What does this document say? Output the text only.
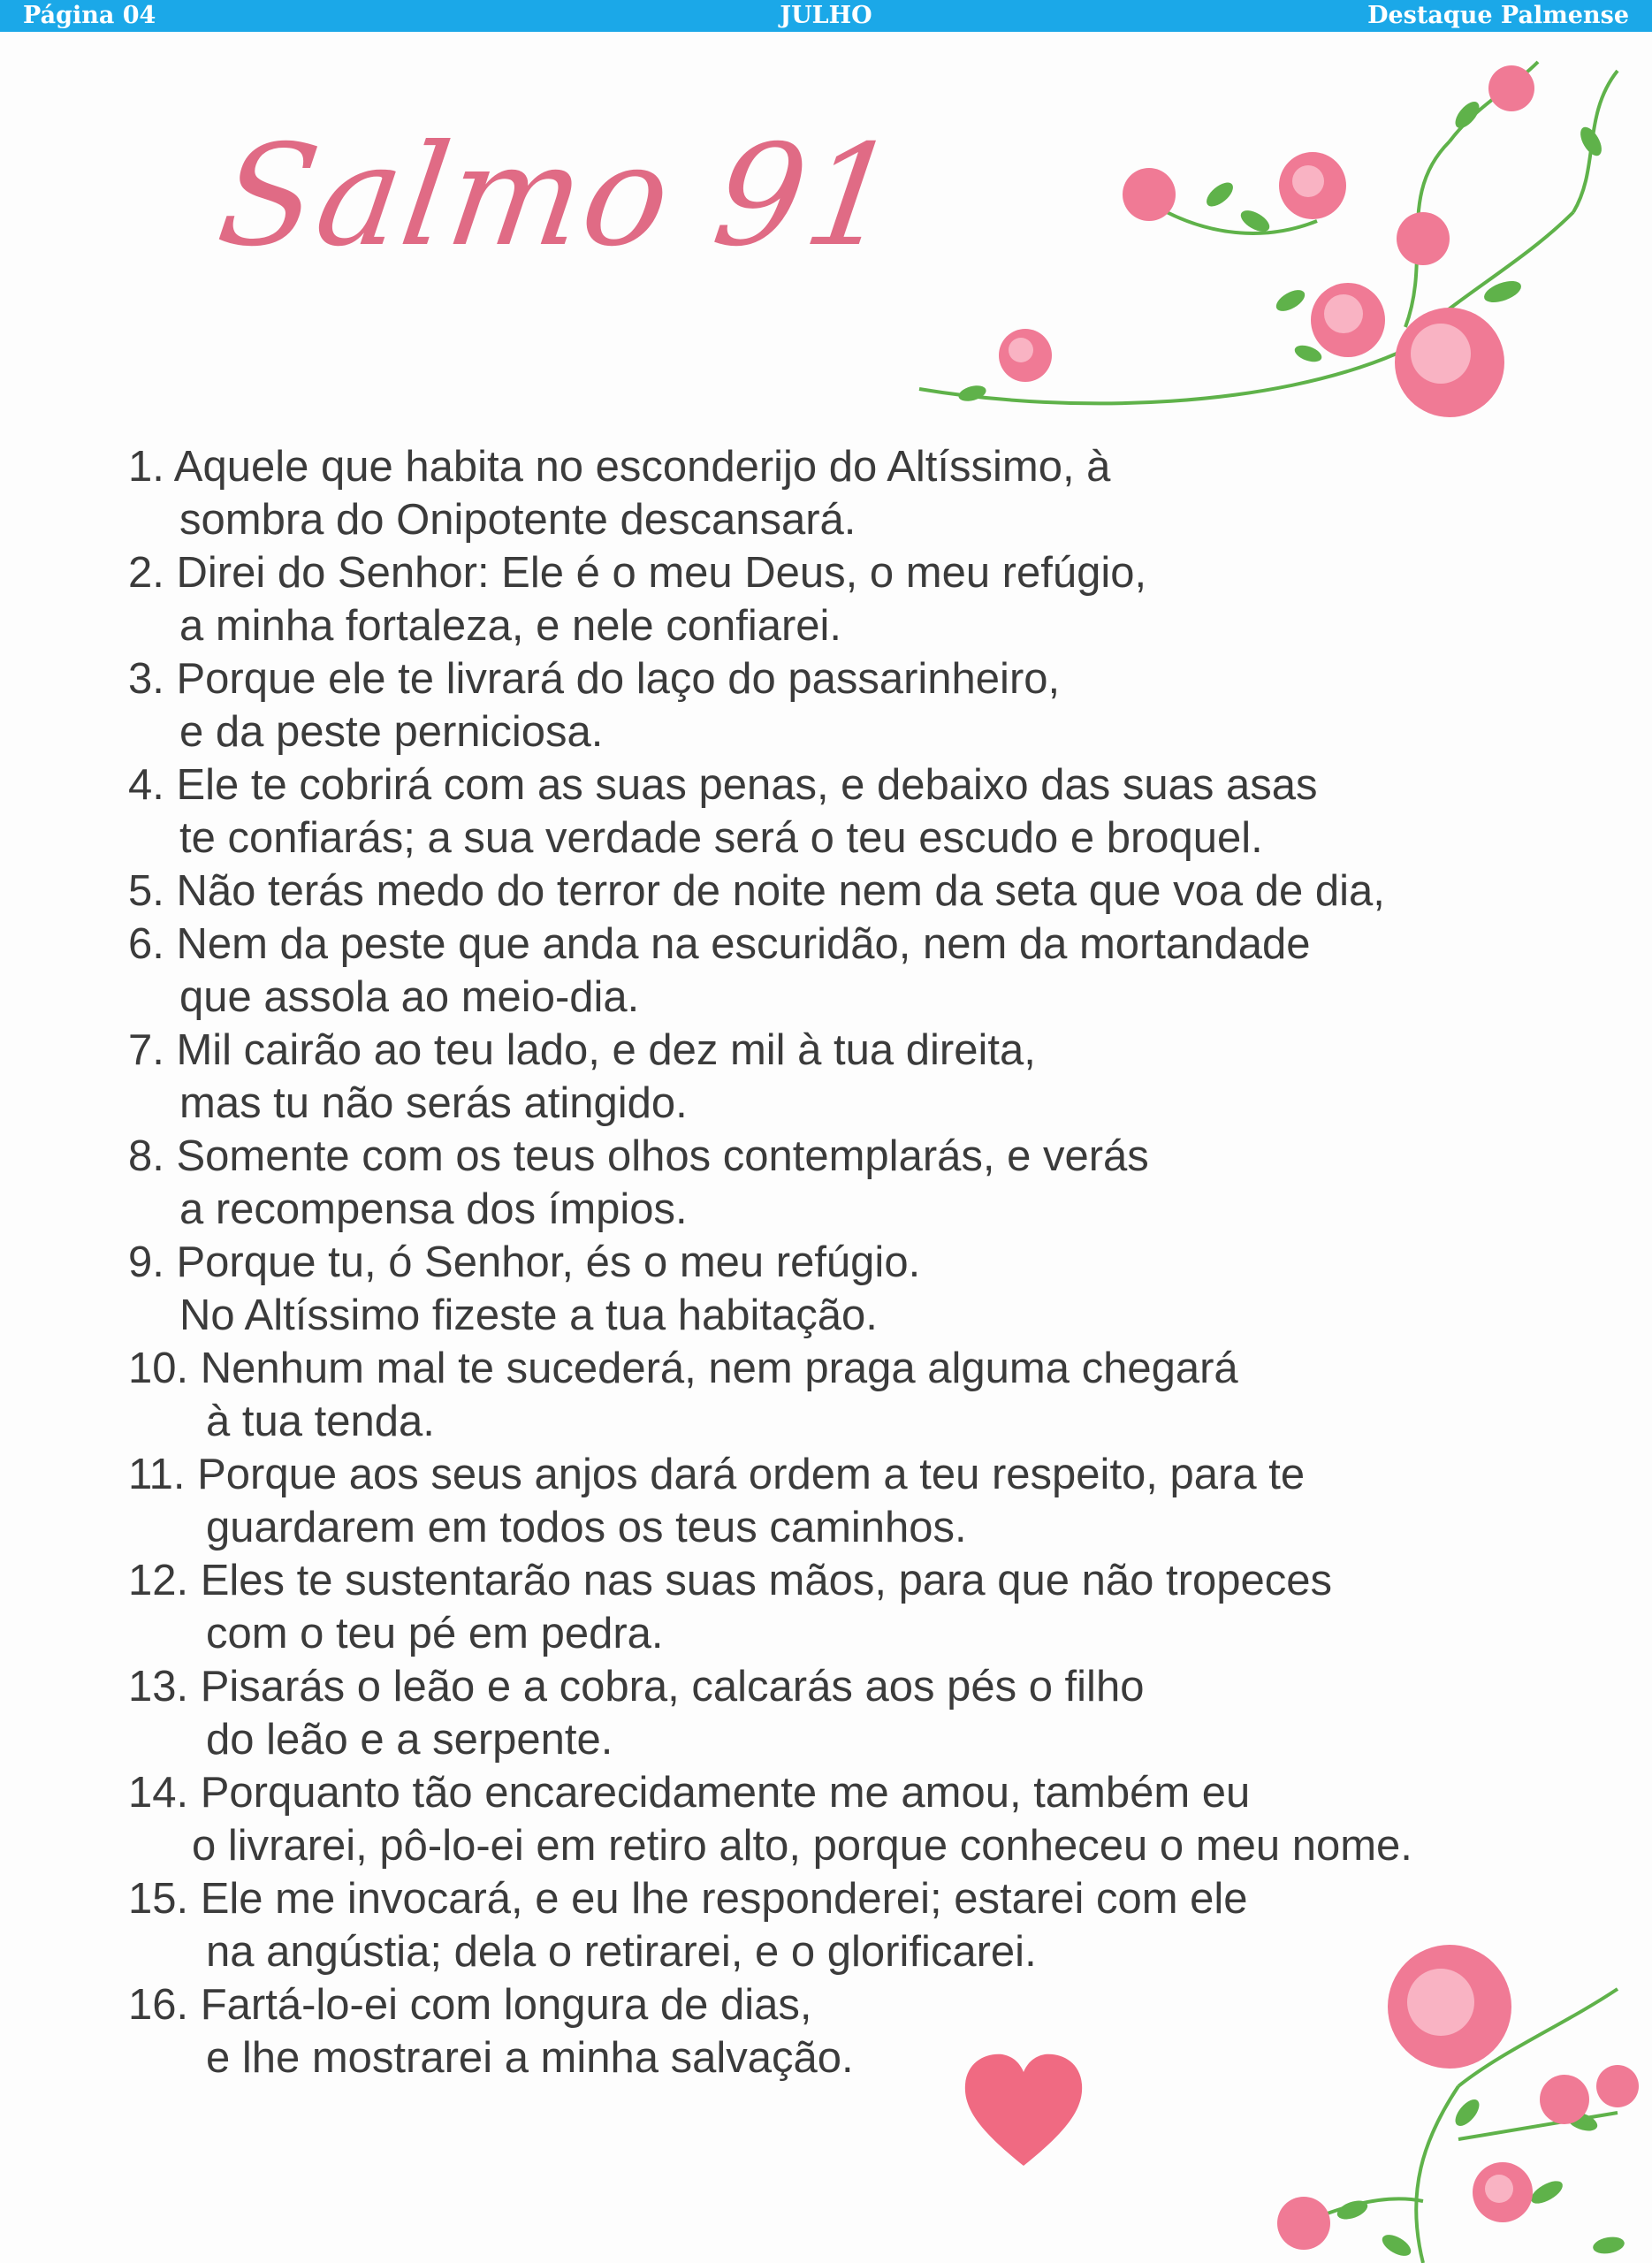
Página 04	JULHO	Destaque Palmense
Salmo 91
1. Aquele que habita no esconderijo do Altíssimo, à
sombra do Onipotente descansará.
2. Direi do Senhor: Ele é o meu Deus, o meu refúgio,
a minha fortaleza, e nele confiarei.
3. Porque ele te livrará do laço do passarinheiro,
e da peste perniciosa.
4. Ele te cobrirá com as suas penas, e debaixo das suas asas
te confiarás; a sua verdade será o teu escudo e broquel.
5. Não terás medo do terror de noite nem da seta que voa de dia,
6. Nem da peste que anda na escuridão, nem da mortandade
que assola ao meio-dia.
7. Mil cairão ao teu lado, e dez mil à tua direita,
mas tu não serás atingido.
8. Somente com os teus olhos contemplarás, e verás
a recompensa dos ímpios.
9. Porque tu, ó Senhor, és o meu refúgio.
No Altíssimo fizeste a tua habitação.
10. Nenhum mal te sucederá, nem praga alguma chegará
à tua tenda.
11. Porque aos seus anjos dará ordem a teu respeito, para te
guardarem em todos os teus caminhos.
12. Eles te sustentarão nas suas mãos, para que não tropeces
com o teu pé em pedra.
13. Pisarás o leão e a cobra, calcarás aos pés o filho
do leão e a serpente.
14. Porquanto tão encarecidamente me amou, também eu
o livrarei, pô-lo-ei em retiro alto, porque conheceu o meu nome.
15. Ele me invocará, e eu lhe responderei; estarei com ele
na angústia; dela o retirarei, e o glorificarei.
16. Fartá-lo-ei com longura de dias,
e lhe mostrarei a minha salvação.
